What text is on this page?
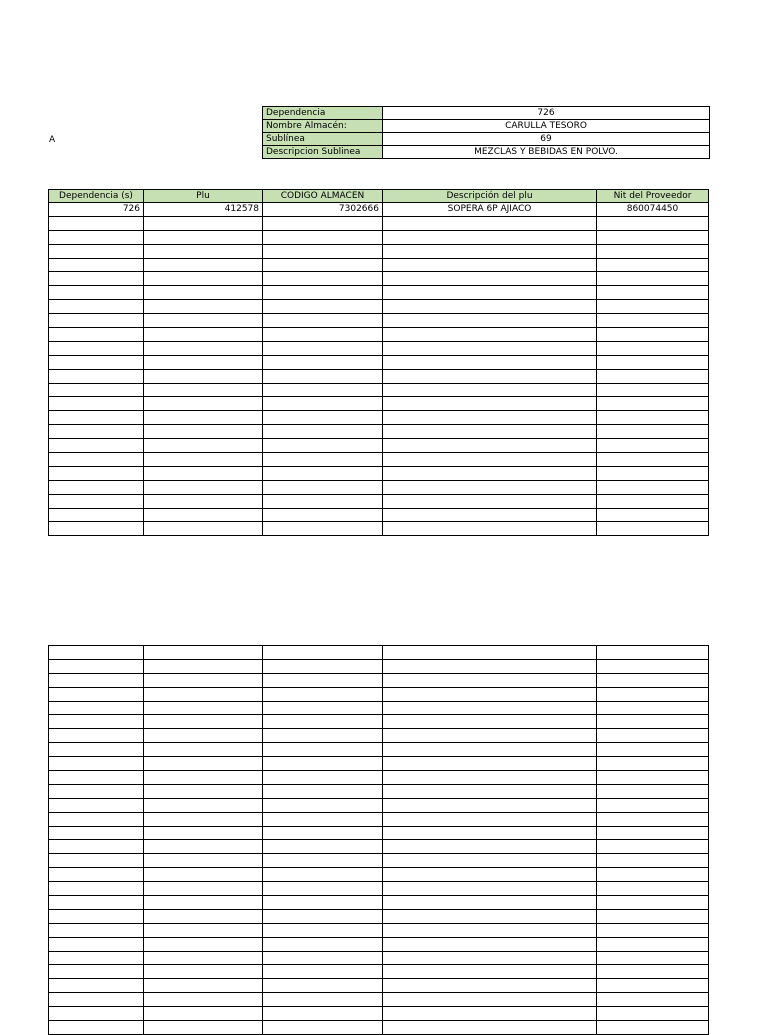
A
Dependencia	726
Nombre Almacén:	CARULLA TESORO
Sublínea	69
Descripcion Sublinea	MEZCLAS Y BEBIDAS EN POLVO.
Dependencia (s)	Plu	CODIGO ALMACEN	Descripción del plu	Nit del Proveedor
726	412578	7302666	SOPERA 6P AJIACO	860074450
